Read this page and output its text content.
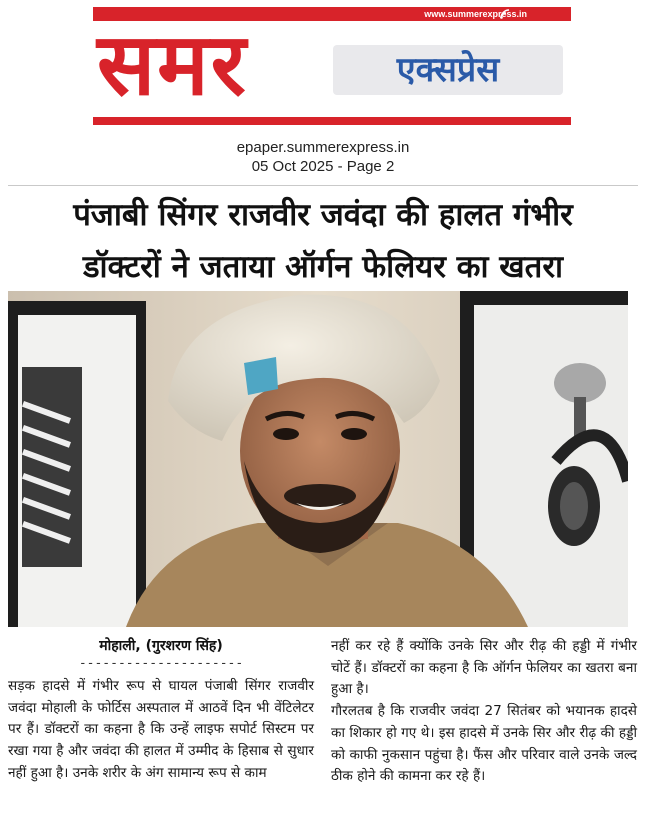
www.summerexpress.in
समर	एक्सप्रेस
epaper.summerexpress.in
05 Oct 2025 - Page 2
पंजाबी सिंगर राजवीर जवंदा की हालत गंभीर
डॉक्टरों ने जताया ऑर्गन फेलियर का खतरा
मोहाली, (गुरशरण सिंह)
---------------------

सड़क हादसे में गंभीर रूप से घायल पंजाबी सिंगर राजवीर जवंदा मोहाली के फोर्टिस अस्पताल में आठवें दिन भी वेंटिलेटर पर हैं। डॉक्टरों का कहना है कि उन्हें लाइफ सपोर्ट सिस्टम पर रखा गया है और जवंदा की हालत में उम्मीद के हिसाब से सुधार नहीं हुआ है। उनके शरीर के अंग सामान्य रूप से काम

नहीं कर रहे हैं क्योंकि उनके सिर और रीढ़ की हड्डी में गंभीर चोटें हैं। डॉक्टरों का कहना है कि ऑर्गन फेलियर का खतरा बना हुआ है।

गौरलतब है कि राजवीर जवंदा 27 सितंबर को भयानक हादसे का शिकार हो गए थे। इस हादसे में उनके सिर और रीढ़ की हड्डी को काफी नुकसान पहुंचा है। फैंस और परिवार वाले उनके जल्द ठीक होने की कामना कर रहे हैं।
